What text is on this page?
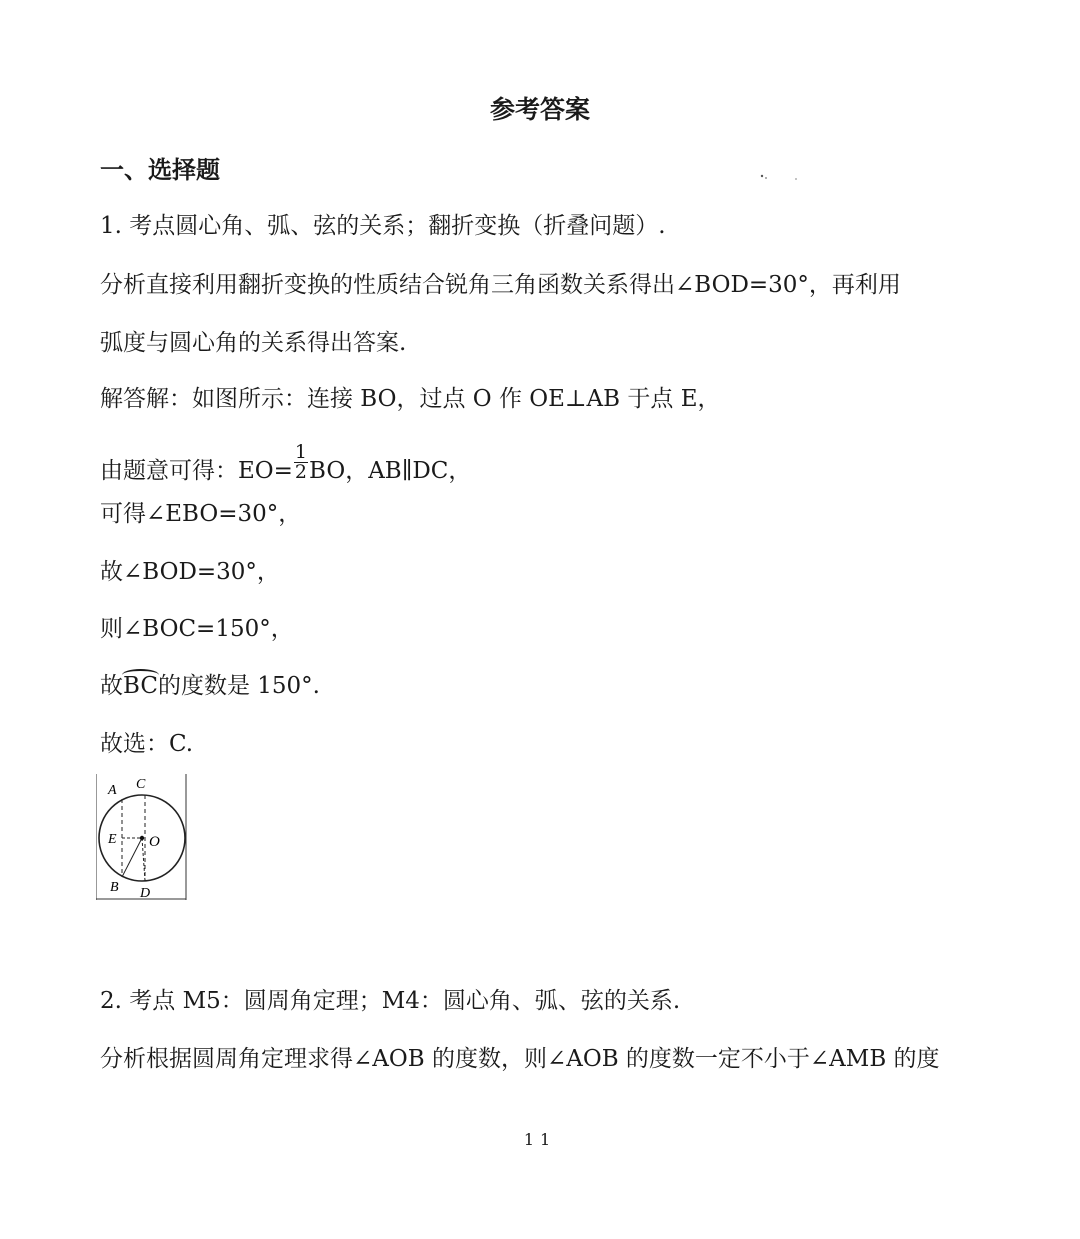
参考答案
一、选择题
1. 考点圆心角、弧、弦的关系；翻折变换（折叠问题）.
分析直接利用翻折变换的性质结合锐角三角函数关系得出∠BOD=30°，再利用
弧度与圆心角的关系得出答案.
解答解：如图所示：连接 BO，过点 O 作 OE⊥AB 于点 E，
由题意可得：$EO= \frac{1}{2}$ BO，AB∥DC，
可得∠EBO=30°，
故∠BOD=30°，
则∠BOC=150°，
故BC的度数是 150°.
故选：C.
A C
E O
B D
2. 考点 M5：圆周角定理；M4：圆心角、弧、弦的关系.
分析根据圆周角定理求得∠AOB 的度数，则∠AOB 的度数一定不小于∠AMB 的度
11
